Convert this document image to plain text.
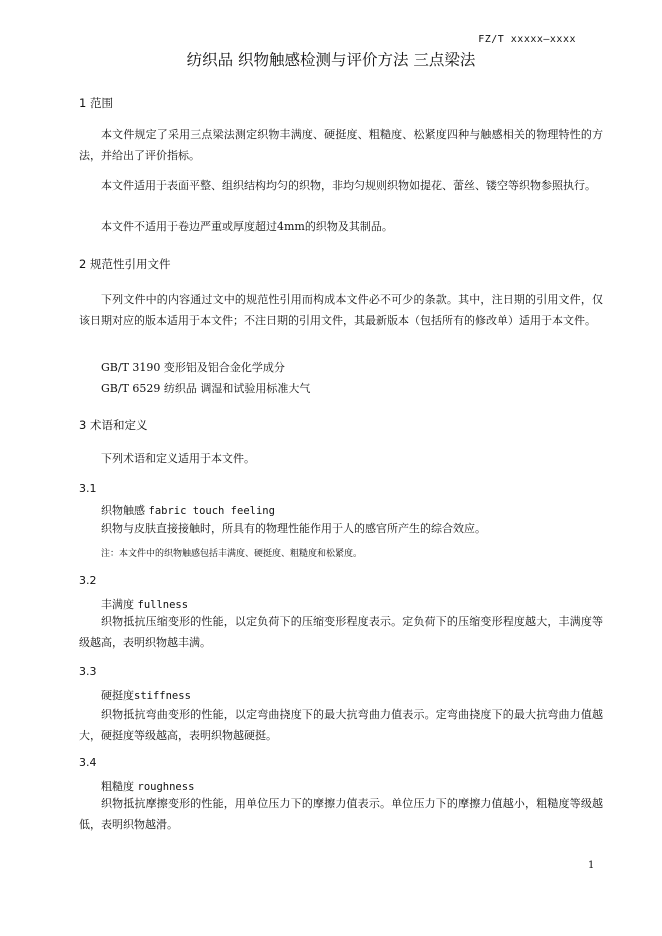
FZ/T xxxxx—xxxx
纺织品 织物触感检测与评价方法 三点梁法
1 范围
本文件规定了采用三点梁法测定织物丰满度、硬挺度、粗糙度、松紧度四种与触感相关的物理特性的方法，并给出了评价指标。
本文件适用于表面平整、组织结构均匀的织物，非均匀规则织物如提花、蕾丝、镂空等织物参照执行。
本文件不适用于卷边严重或厚度超过4mm的织物及其制品。
2 规范性引用文件
下列文件中的内容通过文中的规范性引用而构成本文件必不可少的条款。其中，注日期的引用文件，仅该日期对应的版本适用于本文件；不注日期的引用文件，其最新版本（包括所有的修改单）适用于本文件。
GB/T 3190 变形铝及铝合金化学成分
GB/T 6529 纺织品 调湿和试验用标准大气
3 术语和定义
下列术语和定义适用于本文件。
3.1
织物触感 fabric touch feeling
织物与皮肤直接接触时，所具有的物理性能作用于人的感官所产生的综合效应。
注：本文件中的织物触感包括丰满度、硬挺度、粗糙度和松紧度。
3.2
丰满度 fullness
织物抵抗压缩变形的性能，以定负荷下的压缩变形程度表示。定负荷下的压缩变形程度越大，丰满度等级越高，表明织物越丰满。
3.3
硬挺度stiffness
织物抵抗弯曲变形的性能，以定弯曲挠度下的最大抗弯曲力值表示。定弯曲挠度下的最大抗弯曲力值越大，硬挺度等级越高，表明织物越硬挺。
3.4
粗糙度 roughness
织物抵抗摩擦变形的性能，用单位压力下的摩擦力值表示。单位压力下的摩擦力值越小，粗糙度等级越低，表明织物越滑。
1
